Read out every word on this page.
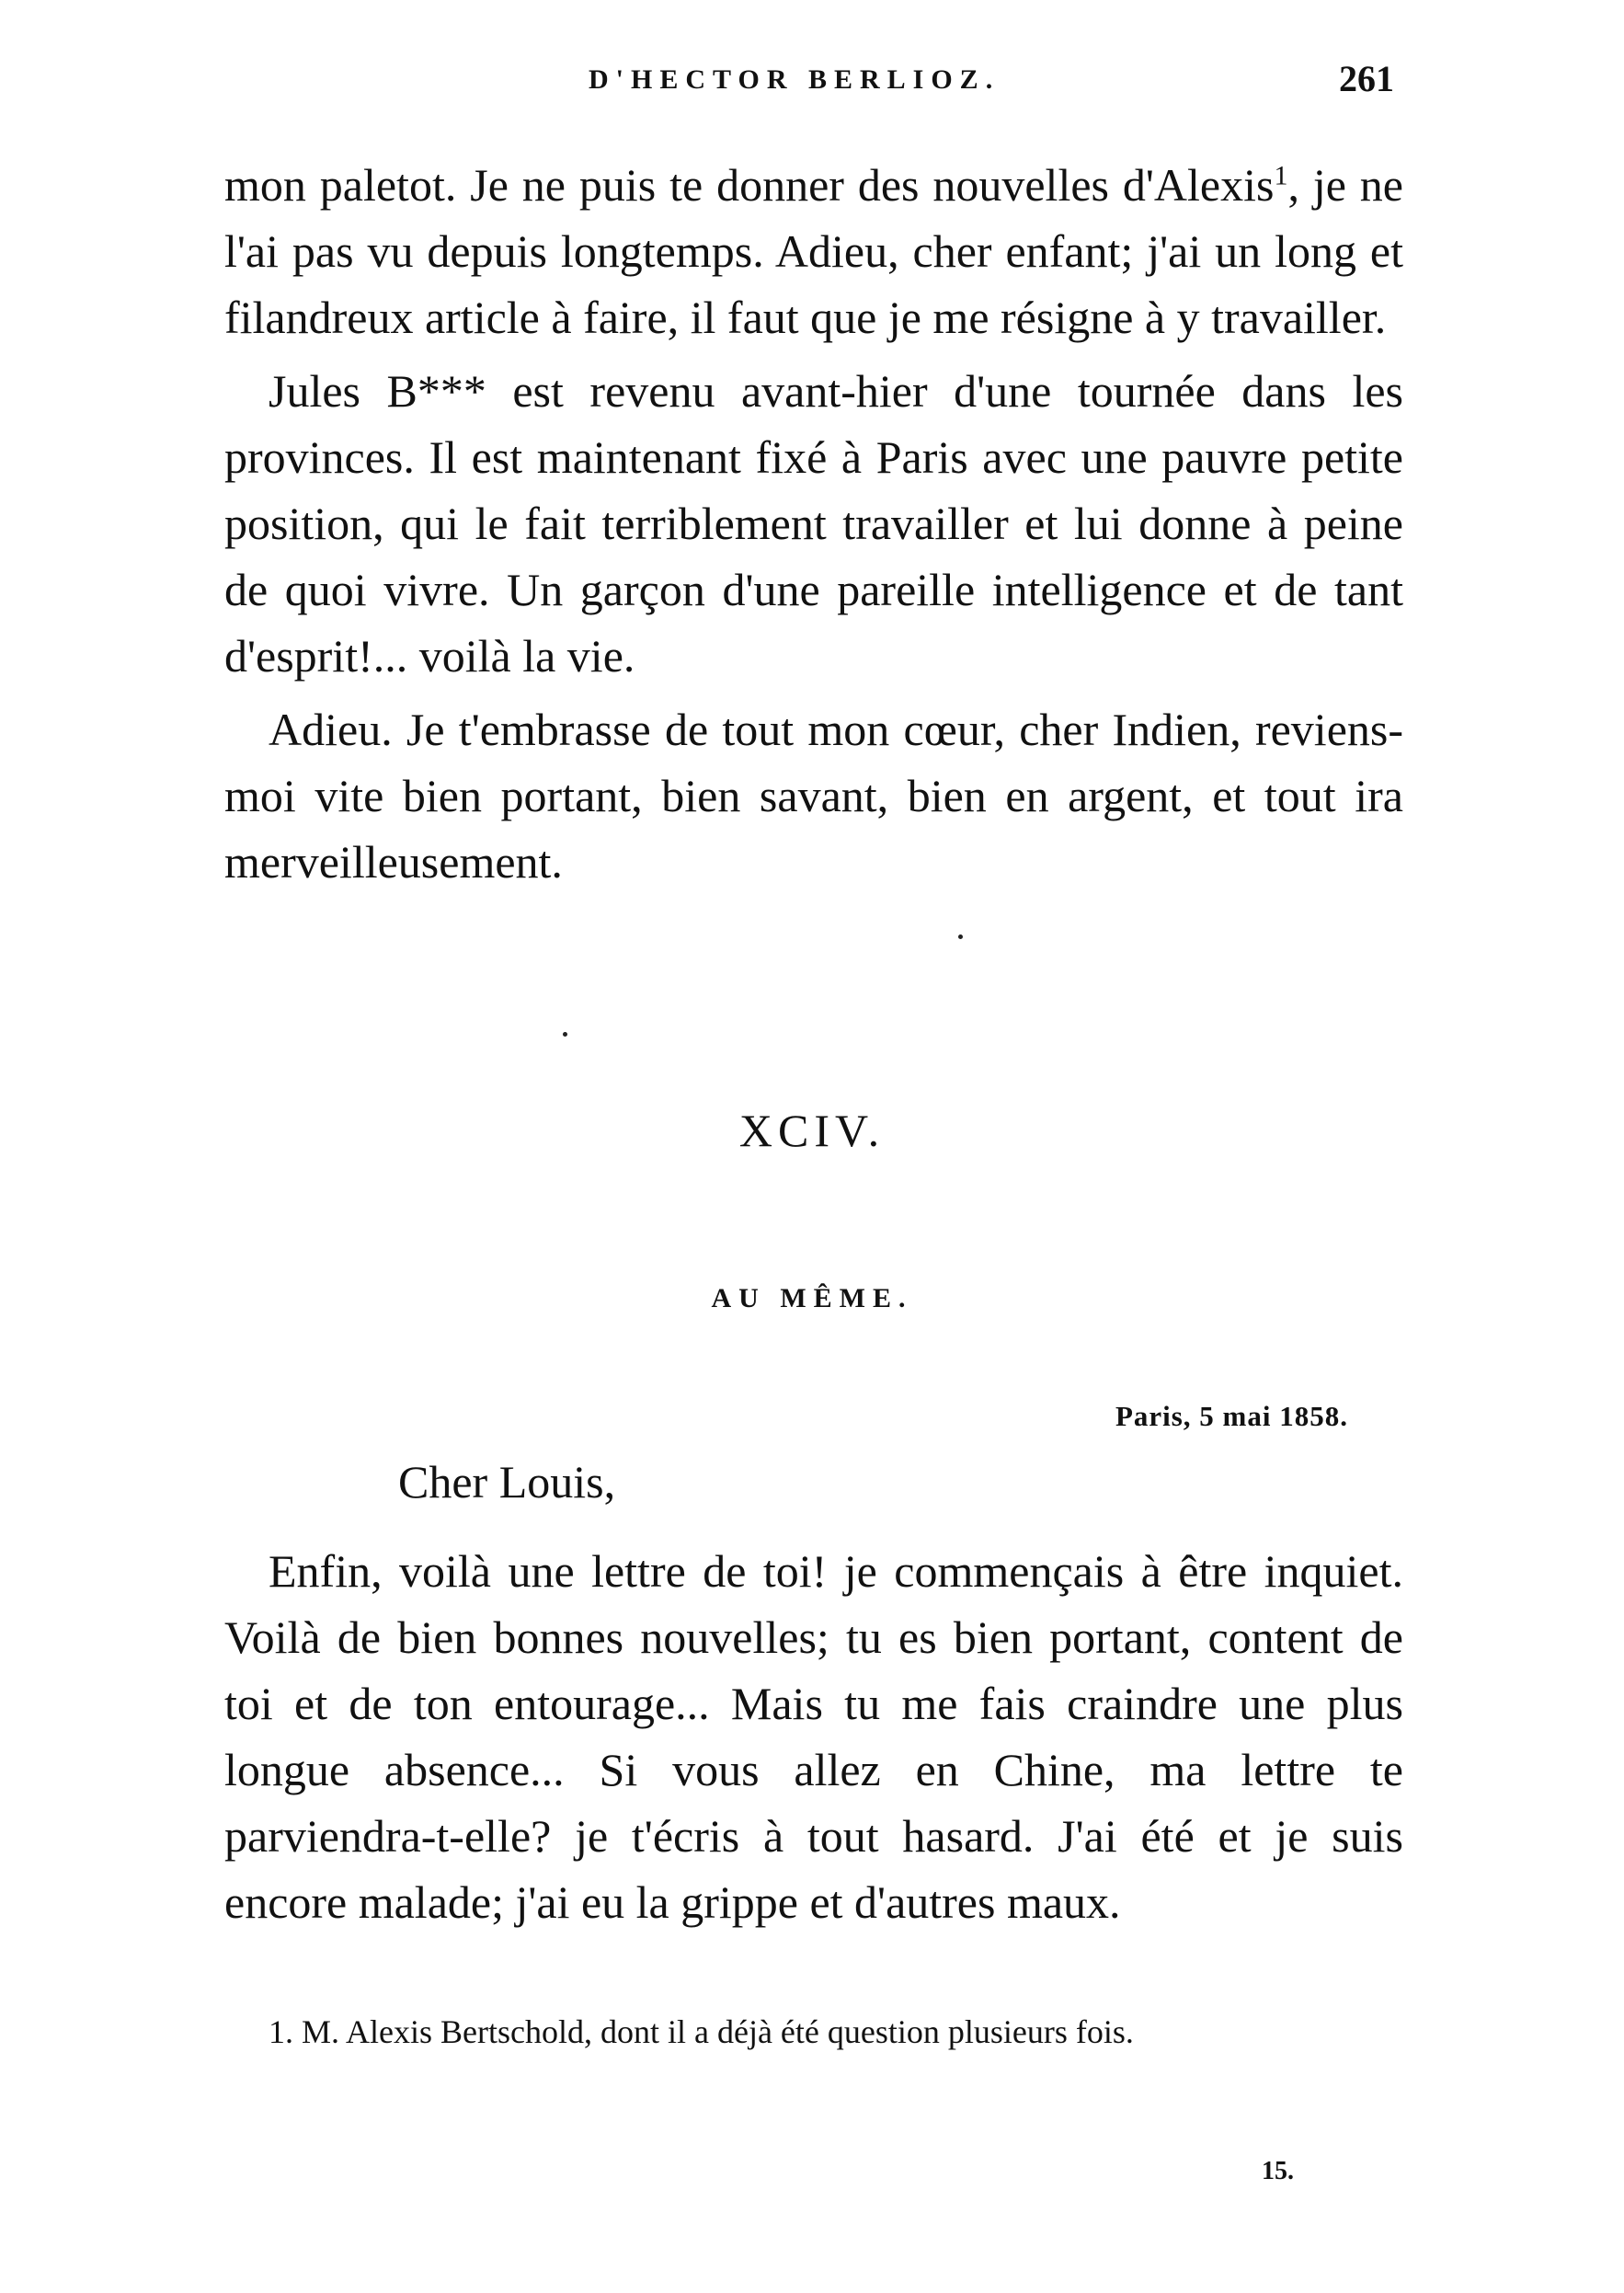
D'HECTOR BERLIOZ.	261

mon paletot. Je ne puis te donner des nouvelles d'Alexis$^1$, je ne l'ai pas vu depuis longtemps. Adieu, cher enfant; j'ai un long et filandreux article à faire, il faut que je me résigne à y travailler.

Jules B*** est revenu avant-hier d'une tournée dans les provinces. Il est maintenant fixé à Paris avec une pauvre petite position, qui le fait terriblement travailler et lui donne à peine de quoi vivre. Un garçon d'une pareille intelligence et de tant d'esprit!... voilà la vie.

Adieu. Je t'embrasse de tout mon cœur, cher Indien, reviens-moi vite bien portant, bien savant, bien en argent, et tout ira merveilleusement.

XCIV.
AU MÊME.
Paris, 5 mai 1858.
Cher Louis,

Enfin, voilà une lettre de toi! je commençais à être inquiet. Voilà de bien bonnes nouvelles; tu es bien portant, content de toi et de ton entourage... Mais tu me fais craindre une plus longue absence... Si vous allez en Chine, ma lettre te parviendra-t-elle? je t'écris à tout hasard. J'ai été et je suis encore malade; j'ai eu la grippe et d'autres maux.

1. M. Alexis Bertschold, dont il a déjà été question plusieurs fois.
15.
